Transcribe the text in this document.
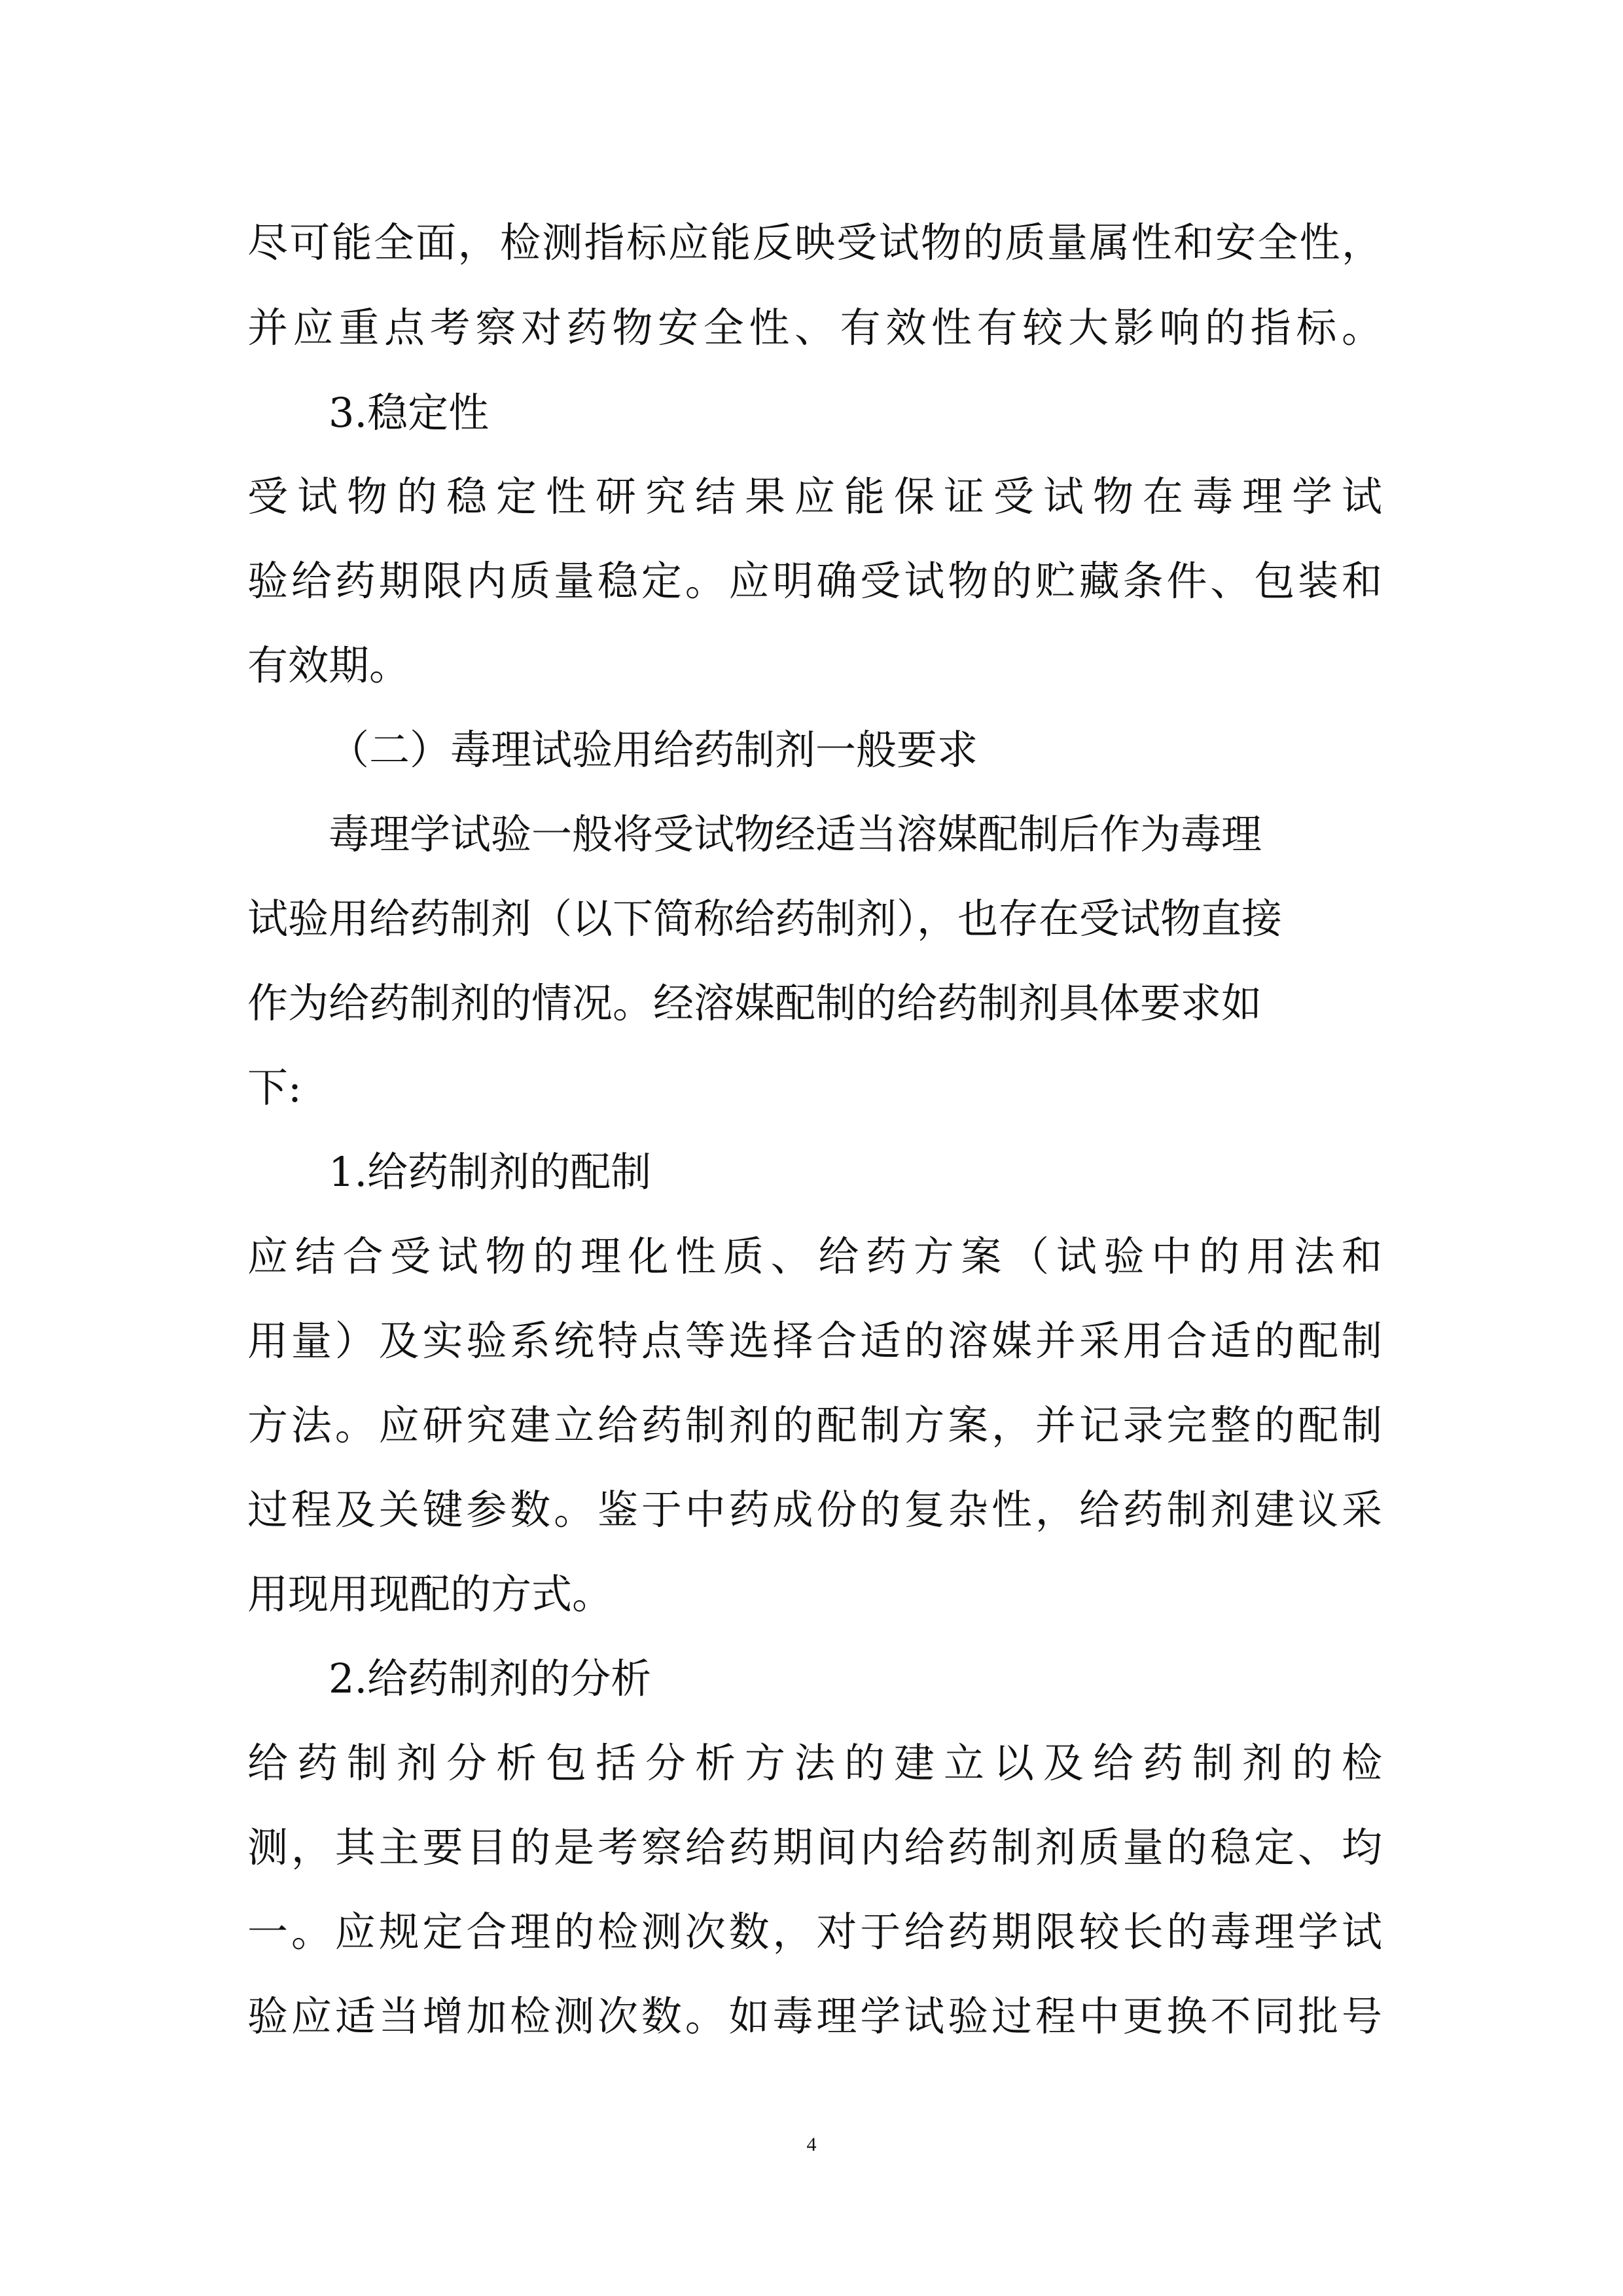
尽可能全面，检测指标应能反映受试物的质量属性和安全性，
并应重点考察对药物安全性、有效性有较大影响的指标。
3.稳定性
受试物的稳定性研究结果应能保证受试物在毒理学试
验给药期限内质量稳定。应明确受试物的贮藏条件、包装和
有效期。
（二）毒理试验用给药制剂一般要求
毒理学试验一般将受试物经适当溶媒配制后作为毒理
试验用给药制剂（以下简称给药制剂），也存在受试物直接
作为给药制剂的情况。经溶媒配制的给药制剂具体要求如
下:
1.给药制剂的配制
应结合受试物的理化性质、给药方案（试验中的用法和
用量）及实验系统特点等选择合适的溶媒并采用合适的配制
方法。应研究建立给药制剂的配制方案，并记录完整的配制
过程及关键参数。鉴于中药成份的复杂性，给药制剂建议采
用现用现配的方式。
2.给药制剂的分析
给药制剂分析包括分析方法的建立以及给药制剂的检
测，其主要目的是考察给药期间内给药制剂质量的稳定、均
一。应规定合理的检测次数，对于给药期限较长的毒理学试
验应适当增加检测次数。如毒理学试验过程中更换不同批号
4
